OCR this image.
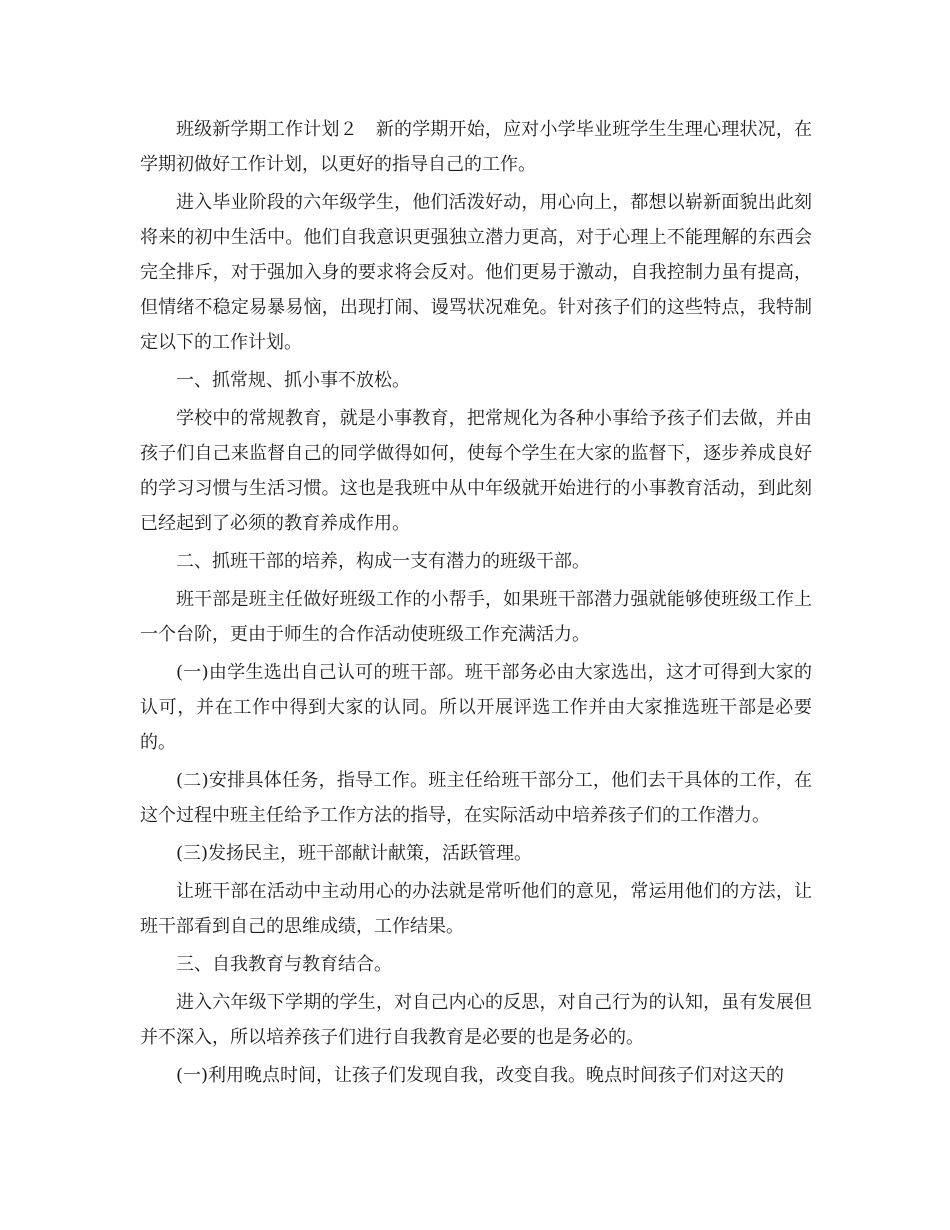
班级新学期工作计划２ 新的学期开始，应对小学毕业班学生生理心理状况，在学期初做好工作计划，以更好的指导自己的工作。

进入毕业阶段的六年级学生，他们活泼好动，用心向上，都想以崭新面貌出此刻将来的初中生活中。他们自我意识更强独立潜力更高，对于心理上不能理解的东西会完全排斥，对于强加入身的要求将会反对。他们更易于激动，自我控制力虽有提高，但情绪不稳定易暴易恼，出现打闹、谩骂状况难免。针对孩子们的这些特点，我特制定以下的工作计划。

一、抓常规、抓小事不放松。

学校中的常规教育，就是小事教育，把常规化为各种小事给予孩子们去做，并由孩子们自己来监督自己的同学做得如何，使每个学生在大家的监督下，逐步养成良好的学习习惯与生活习惯。这也是我班中从中年级就开始进行的小事教育活动，到此刻已经起到了必须的教育养成作用。

二、抓班干部的培养，构成一支有潜力的班级干部。

班干部是班主任做好班级工作的小帮手，如果班干部潜力强就能够使班级工作上一个台阶，更由于师生的合作活动使班级工作充满活力。

(一)由学生选出自己认可的班干部。班干部务必由大家选出，这才可得到大家的认可，并在工作中得到大家的认同。所以开展评选工作并由大家推选班干部是必要的。

(二)安排具体任务，指导工作。班主任给班干部分工，他们去干具体的工作，在这个过程中班主任给予工作方法的指导，在实际活动中培养孩子们的工作潜力。

(三)发扬民主，班干部献计献策，活跃管理。

让班干部在活动中主动用心的办法就是常听他们的意见，常运用他们的方法，让班干部看到自己的思维成绩，工作结果。

三、自我教育与教育结合。

进入六年级下学期的学生，对自己内心的反思，对自己行为的认知，虽有发展但并不深入，所以培养孩子们进行自我教育是必要的也是务必的。

(一)利用晚点时间，让孩子们发现自我，改变自我。晚点时间孩子们对这天的
